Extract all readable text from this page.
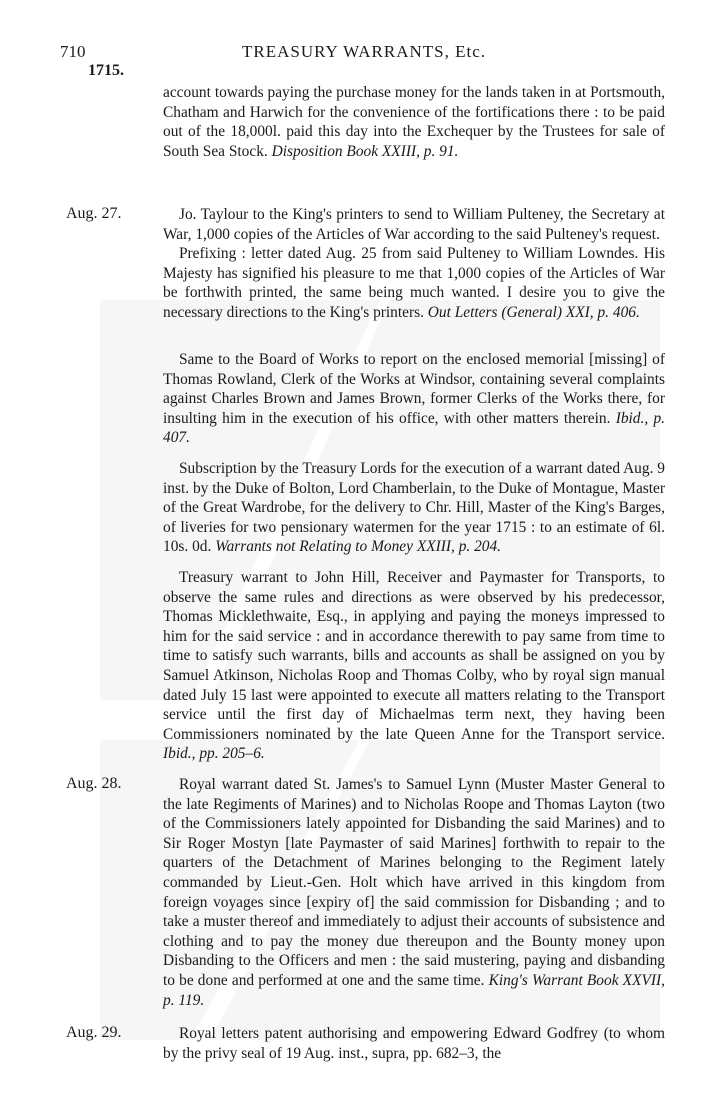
710	TREASURY WARRANTS, Etc.
1715.

account towards paying the purchase money for the lands taken in at Portsmouth, Chatham and Harwich for the convenience of the fortifications there : to be paid out of the 18,000l. paid this day into the Exchequer by the Trustees for sale of South Sea Stock. Disposition Book XXIII, p. 91.

Aug. 27.	Jo. Taylour to the King's printers to send to William Pulteney, the Secretary at War, 1,000 copies of the Articles of War according to the said Pulteney's request.

Prefixing : letter dated Aug. 25 from said Pulteney to William Lowndes. His Majesty has signified his pleasure to me that 1,000 copies of the Articles of War be forthwith printed, the same being much wanted. I desire you to give the necessary directions to the King's printers. Out Letters (General) XXI, p. 406.

Same to the Board of Works to report on the enclosed memorial [missing] of Thomas Rowland, Clerk of the Works at Windsor, containing several complaints against Charles Brown and James Brown, former Clerks of the Works there, for insulting him in the execution of his office, with other matters therein. Ibid., p. 407.

Subscription by the Treasury Lords for the execution of a warrant dated Aug. 9 inst. by the Duke of Bolton, Lord Chamberlain, to the Duke of Montague, Master of the Great Wardrobe, for the delivery to Chr. Hill, Master of the King's Barges, of liveries for two pensionary watermen for the year 1715 : to an estimate of 6l. 10s. 0d. Warrants not Relating to Money XXIII, p. 204.

Treasury warrant to John Hill, Receiver and Paymaster for Transports, to observe the same rules and directions as were observed by his predecessor, Thomas Micklethwaite, Esq., in applying and paying the moneys impressed to him for the said service : and in accordance therewith to pay same from time to time to satisfy such warrants, bills and accounts as shall be assigned on you by Samuel Atkinson, Nicholas Roop and Thomas Colby, who by royal sign manual dated July 15 last were appointed to execute all matters relating to the Transport service until the first day of Michaelmas term next, they having been Commissioners nominated by the late Queen Anne for the Transport service. Ibid., pp. 205–6.

Aug. 28.	Royal warrant dated St. James's to Samuel Lynn (Muster Master General to the late Regiments of Marines) and to Nicholas Roope and Thomas Layton (two of the Commissioners lately appointed for Disbanding the said Marines) and to Sir Roger Mostyn [late Paymaster of said Marines] forthwith to repair to the quarters of the Detachment of Marines belonging to the Regiment lately commanded by Lieut.-Gen. Holt which have arrived in this kingdom from foreign voyages since [expiry of] the said commission for Disbanding ; and to take a muster thereof and immediately to adjust their accounts of subsistence and clothing and to pay the money due thereupon and the Bounty money upon Disbanding to the Officers and men : the said mustering, paying and disbanding to be done and performed at one and the same time. King's Warrant Book XXVII, p. 119.

Aug. 29.	Royal letters patent authorising and empowering Edward Godfrey (to whom by the privy seal of 19 Aug. inst., supra, pp. 682–3, the
